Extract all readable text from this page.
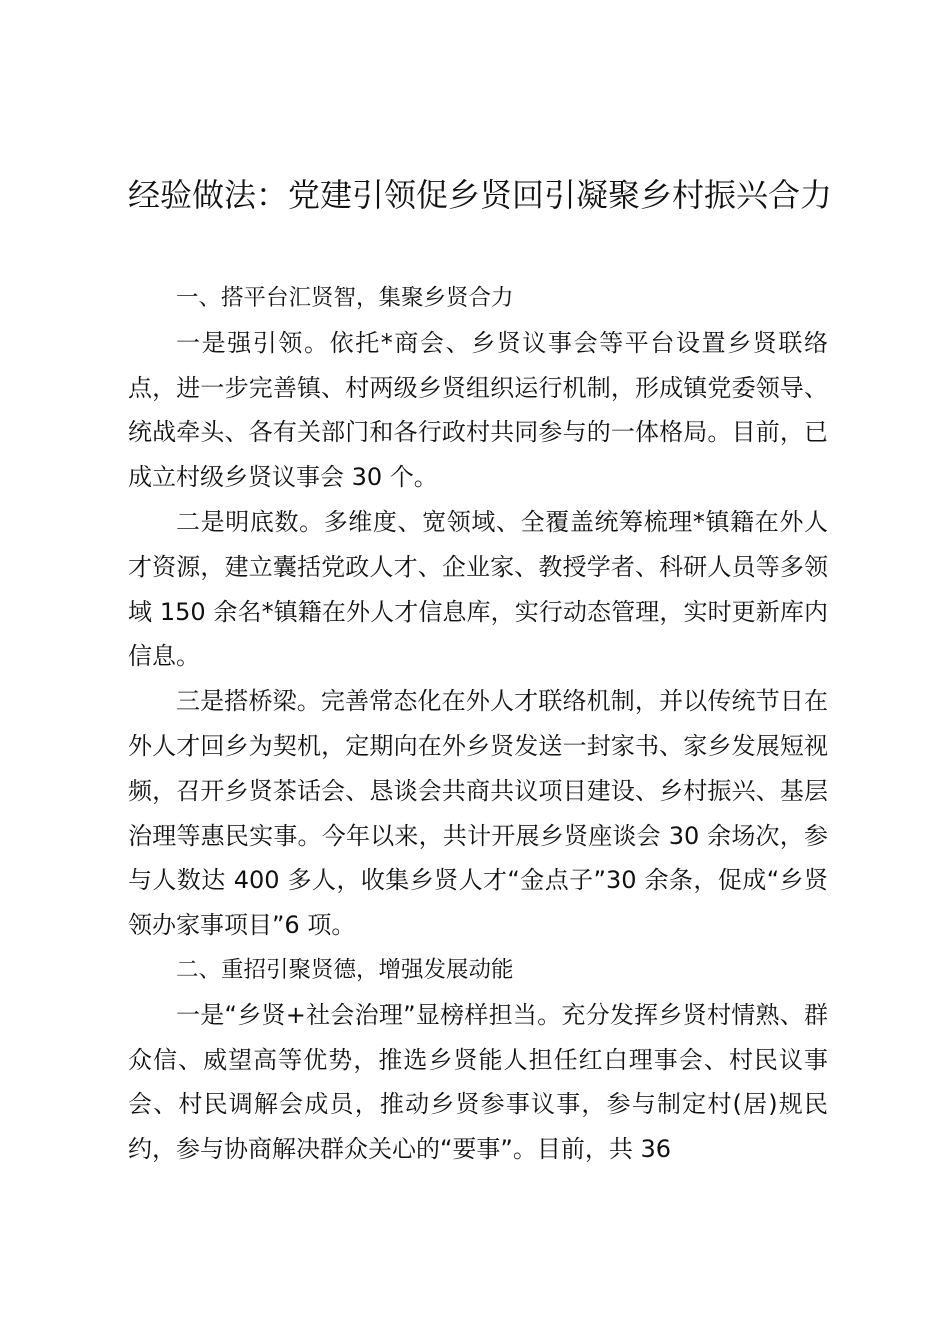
经验做法：党建引领促乡贤回引凝聚乡村振兴合力

一、搭平台汇贤智，集聚乡贤合力

一是强引领。依托*商会、乡贤议事会等平台设置乡贤联络点，进一步完善镇、村两级乡贤组织运行机制，形成镇党委领导、统战牵头、各有关部门和各行政村共同参与的一体格局。目前，已成立村级乡贤议事会 30 个。

二是明底数。多维度、宽领域、全覆盖统筹梳理*镇籍在外人才资源，建立囊括党政人才、企业家、教授学者、科研人员等多领域 150 余名*镇籍在外人才信息库，实行动态管理，实时更新库内信息。

三是搭桥梁。完善常态化在外人才联络机制，并以传统节日在外人才回乡为契机，定期向在外乡贤发送一封家书、家乡发展短视频，召开乡贤茶话会、恳谈会共商共议项目建设、乡村振兴、基层治理等惠民实事。今年以来，共计开展乡贤座谈会 30 余场次，参与人数达 400 多人，收集乡贤人才“金点子”30 余条，促成“乡贤领办家事项目”6 项。

二、重招引聚贤德，增强发展动能

一是“乡贤+社会治理”显榜样担当。充分发挥乡贤村情熟、群众信、威望高等优势，推选乡贤能人担任红白理事会、村民议事会、村民调解会成员，推动乡贤参事议事，参与制定村(居)规民约，参与协商解决群众关心的“要事”。目前，共 36
